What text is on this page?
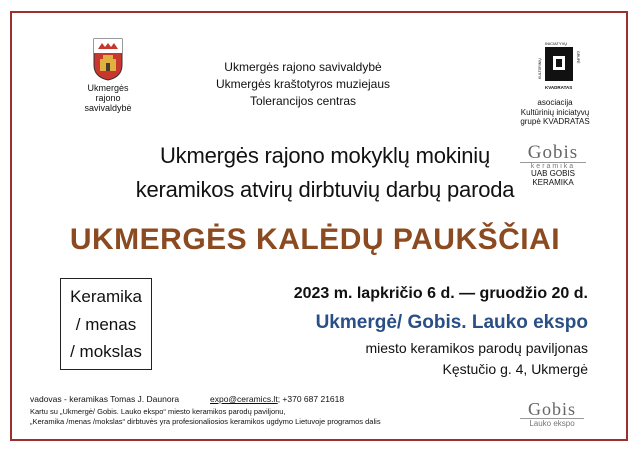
Ukmergės
rajono
savivaldybė
Ukmergės rajono savivaldybė
Ukmergės kraštotyros muziejaus
Tolerancijos centras
INICIATYVŲ
KVADRATAS
KULTŪRINIŲ
GRUPĖ
asociacija
Kultūrinių iniciatyvų
grupė KVADRATAS
Gobis
keramika
UAB GOBIS KERAMIKA
Ukmergės rajono mokyklų mokinių
keramikos atvirų dirbtuvių darbų paroda
UKMERGĖS KALĖDŲ PAUKŠČIAI
Keramika
/ menas
/ mokslas
2023 m. lapkričio 6 d. — gruodžio 20 d.
Ukmergė/ Gobis. Lauko ekspo
miesto keramikos parodų paviljonas
Kęstučio g. 4, Ukmergė
vadovas - keramikas Tomas J. Daunora	expo@ceramics.lt; +370 687 21618
Kartu su „Ukmergė/ Gobis. Lauko ekspo“ miesto keramikos parodų paviljonu,
„Keramika /menas /mokslas“ dirbtuvės yra profesionaliosios keramikos ugdymo Lietuvoje programos dalis
Gobis
Lauko ekspo
